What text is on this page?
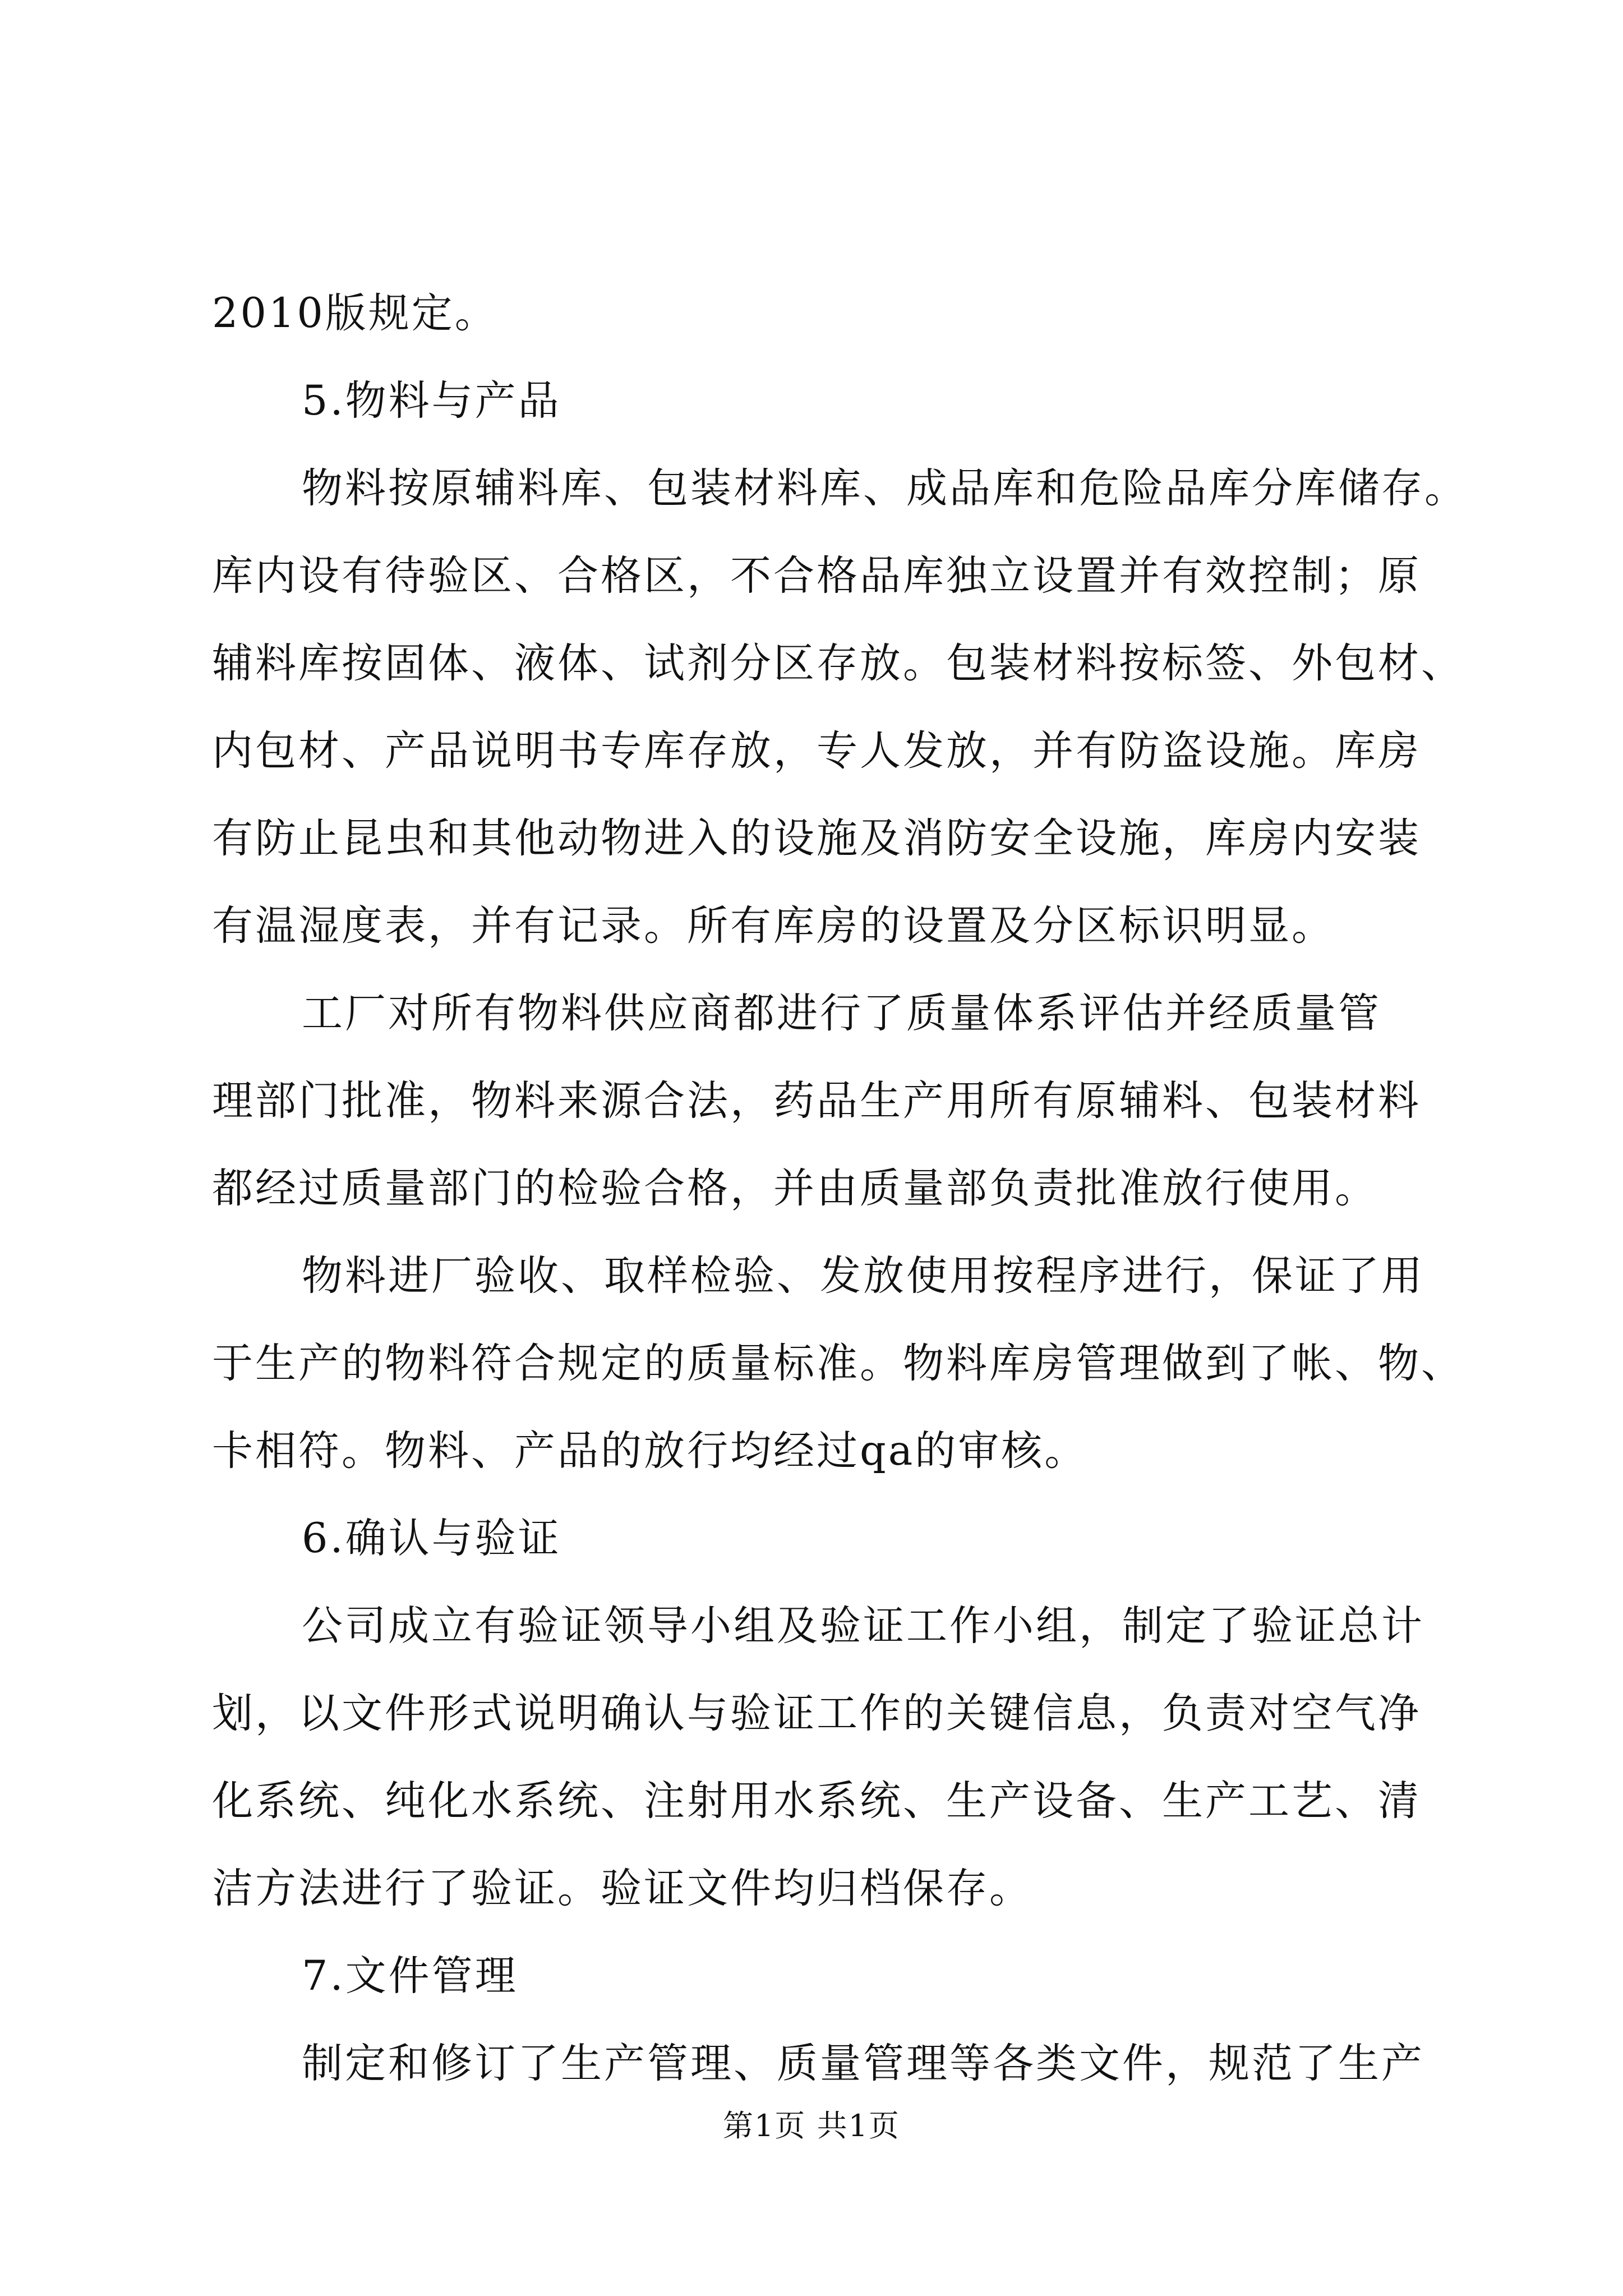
2010版规定。
5.物料与产品
物料按原辅料库、包装材料库、成品库和危险品库分库储存。
库内设有待验区、合格区，不合格品库独立设置并有效控制；原
辅料库按固体、液体、试剂分区存放。包装材料按标签、外包材、
内包材、产品说明书专库存放，专人发放，并有防盗设施。库房
有防止昆虫和其他动物进入的设施及消防安全设施，库房内安装
有温湿度表，并有记录。所有库房的设置及分区标识明显。
工厂对所有物料供应商都进行了质量体系评估并经质量管
理部门批准，物料来源合法，药品生产用所有原辅料、包装材料
都经过质量部门的检验合格，并由质量部负责批准放行使用。
物料进厂验收、取样检验、发放使用按程序进行，保证了用
于生产的物料符合规定的质量标准。物料库房管理做到了帐、物、
卡相符。物料、产品的放行均经过qa的审核。
6.确认与验证
公司成立有验证领导小组及验证工作小组，制定了验证总计
划，以文件形式说明确认与验证工作的关键信息，负责对空气净
化系统、纯化水系统、注射用水系统、生产设备、生产工艺、清
洁方法进行了验证。验证文件均归档保存。
7.文件管理
制定和修订了生产管理、质量管理等各类文件，规范了生产
第1页 共1页
